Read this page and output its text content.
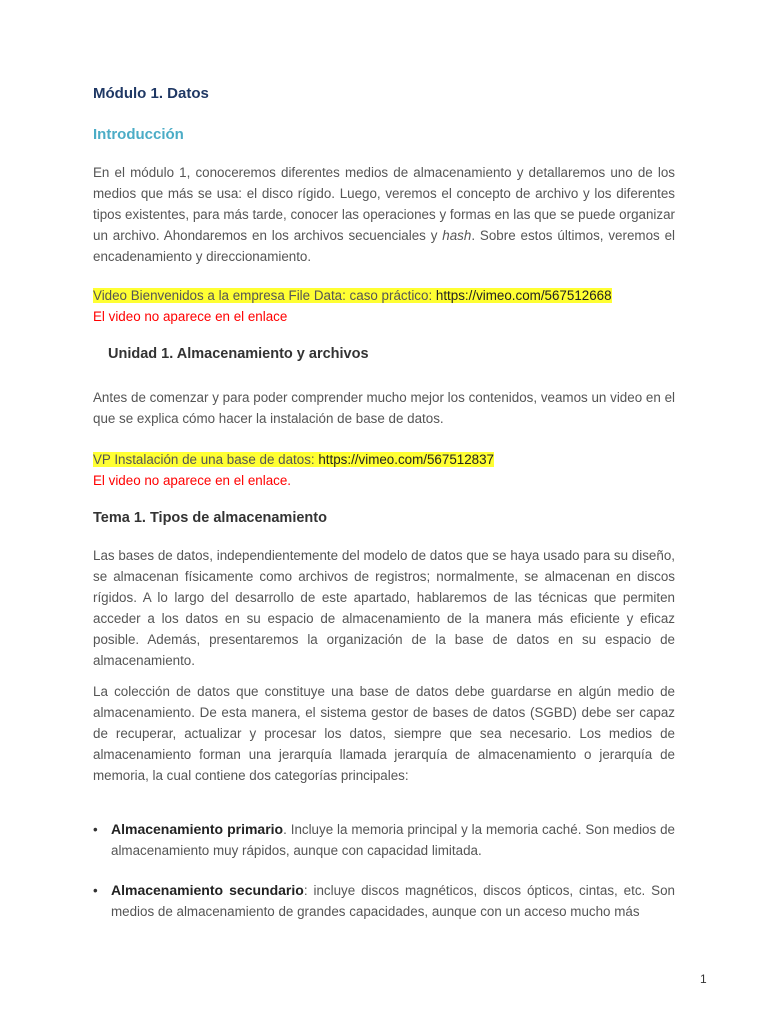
Módulo 1. Datos
Introducción
En el módulo 1, conoceremos diferentes medios de almacenamiento y detallaremos uno de los medios que más se usa: el disco rígido. Luego, veremos el concepto de archivo y los diferentes tipos existentes, para más tarde, conocer las operaciones y formas en las que se puede organizar un archivo. Ahondaremos en los archivos secuenciales y hash. Sobre estos últimos, veremos el encadenamiento y direccionamiento.
Video Bienvenidos a la empresa File Data: caso práctico: https://vimeo.com/567512668
El video no aparece en el enlace
Unidad 1. Almacenamiento y archivos
Antes de comenzar y para poder comprender mucho mejor los contenidos, veamos un video en el que se explica cómo hacer la instalación de base de datos.
VP Instalación de una base de datos: https://vimeo.com/567512837
El video no aparece en el enlace.
Tema 1. Tipos de almacenamiento
Las bases de datos, independientemente del modelo de datos que se haya usado para su diseño, se almacenan físicamente como archivos de registros; normalmente, se almacenan en discos rígidos. A lo largo del desarrollo de este apartado, hablaremos de las técnicas que permiten acceder a los datos en su espacio de almacenamiento de la manera más eficiente y eficaz posible. Además, presentaremos la organización de la base de datos en su espacio de almacenamiento.
La colección de datos que constituye una base de datos debe guardarse en algún medio de almacenamiento. De esta manera, el sistema gestor de bases de datos (SGBD) debe ser capaz de recuperar, actualizar y procesar los datos, siempre que sea necesario. Los medios de almacenamiento forman una jerarquía llamada jerarquía de almacenamiento o jerarquía de memoria, la cual contiene dos categorías principales:
• Almacenamiento primario. Incluye la memoria principal y la memoria caché. Son medios de almacenamiento muy rápidos, aunque con capacidad limitada.
• Almacenamiento secundario: incluye discos magnéticos, discos ópticos, cintas, etc. Son medios de almacenamiento de grandes capacidades, aunque con un acceso mucho más
1
